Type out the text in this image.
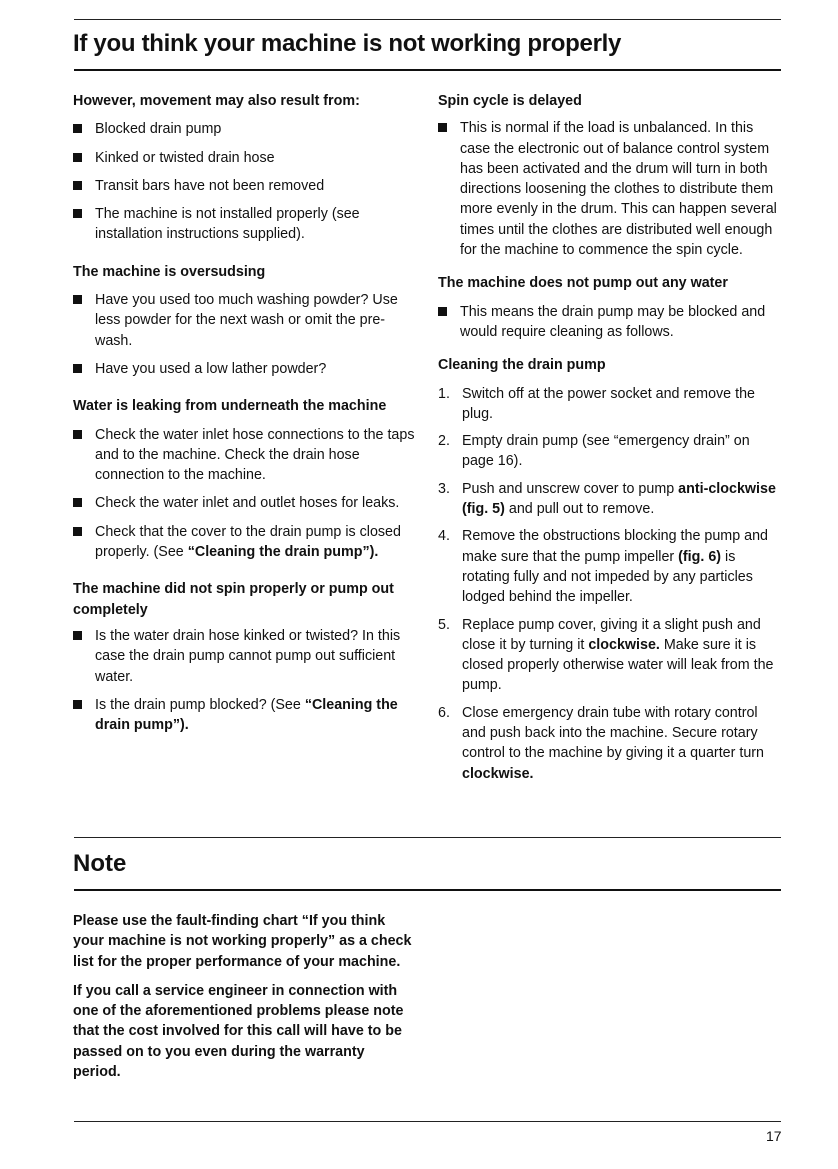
If you think your machine is not working properly
However, movement may also result from:
Blocked drain pump
Kinked or twisted drain hose
Transit bars have not been removed
The machine is not installed properly (see installation instructions supplied).
The machine is oversudsing
Have you used too much washing powder? Use less powder for the next wash or omit the pre-wash.
Have you used a low lather powder?
Water is leaking from underneath the machine
Check the water inlet hose connections to the taps and to the machine. Check the drain hose connection to the machine.
Check the water inlet and outlet hoses for leaks.
Check that the cover to the drain pump is closed properly. (See “Cleaning the drain pump”).
The machine did not spin properly or pump out completely
Is the water drain hose kinked or twisted? In this case the drain pump cannot pump out sufficient water.
Is the drain pump blocked? (See “Cleaning the drain pump”).
Spin cycle is delayed
This is normal if the load is unbalanced. In this case the electronic out of balance control system has been activated and the drum will turn in both directions loosening the clothes to distribute them more evenly in the drum. This can happen several times until the clothes are distributed well enough for the machine to commence the spin cycle.
The machine does not pump out any water
This means the drain pump may be blocked and would require cleaning as follows.
Cleaning the drain pump
1. Switch off at the power socket and remove the plug.
2. Empty drain pump (see “emergency drain” on page 16).
3. Push and unscrew cover to pump anti-clockwise (fig. 5) and pull out to remove.
4. Remove the obstructions blocking the pump and make sure that the pump impeller (fig. 6) is rotating fully and not impeded by any particles lodged behind the impeller.
5. Replace pump cover, giving it a slight push and close it by turning it clockwise. Make sure it is closed properly otherwise water will leak from the pump.
6. Close emergency drain tube with rotary control and push back into the machine. Secure rotary control to the machine by giving it a quarter turn clockwise.
Note

Please use the fault-finding chart “If you think your machine is not working properly” as a check list for the proper performance of your machine.

If you call a service engineer in connection with one of the aforementioned problems please note that the cost involved for this call will have to be passed on to you even during the warranty period.

17
